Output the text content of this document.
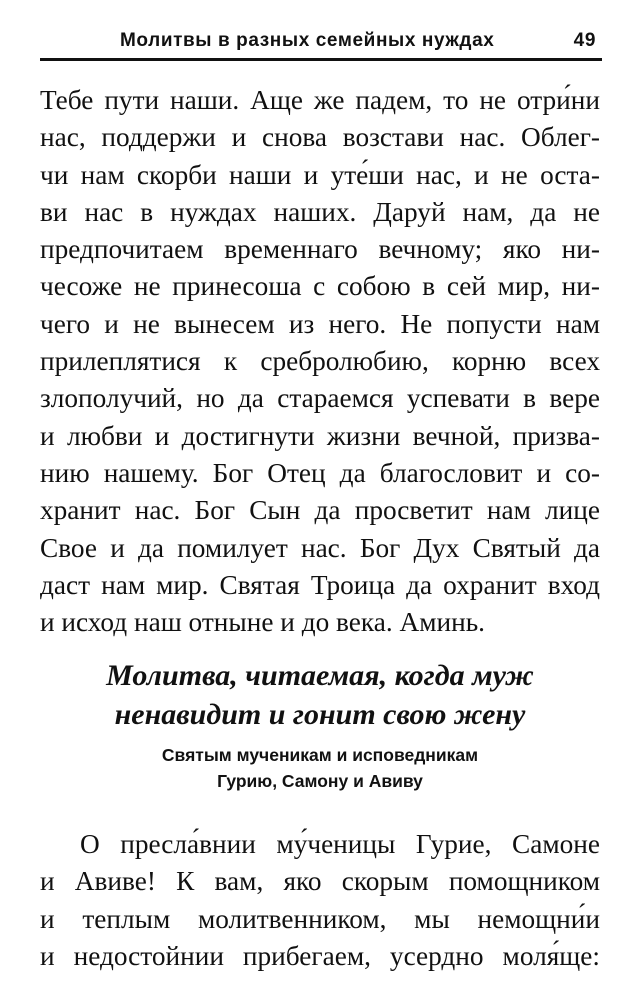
Молитвы в разных семейных нуждах	49
Тебе пути наши. Аще же падем, то не отри́ни
нас, поддержи и снова возстави нас. Облег-
чи нам скорби наши и уте́ши нас, и не оста-
ви нас в нуждах наших. Даруй нам, да не
предпочитаем временнаго вечному; яко ни-
чесоже не принесоша с собою в сей мир, ни-
чего и не вынесем из него. Не попусти нам
прилеплятися к сребролюбию, корню всех
злополучий, но да стараемся успевати в вере
и любви и достигнути жизни вечной, призва-
нию нашему. Бог Отец да благословит и со-
хранит нас. Бог Сын да просветит нам лице
Свое и да помилует нас. Бог Дух Святый да
даст нам мир. Святая Троица да охранит вход
и исход наш отныне и до века. Аминь.
Молитва, читаемая, когда муж
ненавидит и гонит свою жену
Святым мученикам и исповедникам
Гурию, Самону и Авиву
О пресла́внии му́ченицы Гурие, Самоне
и Авиве! К вам, яко скорым помощником
и теплым молитвенником, мы немощни́и
и недостойнии прибегаем, усердно моля́ще:
